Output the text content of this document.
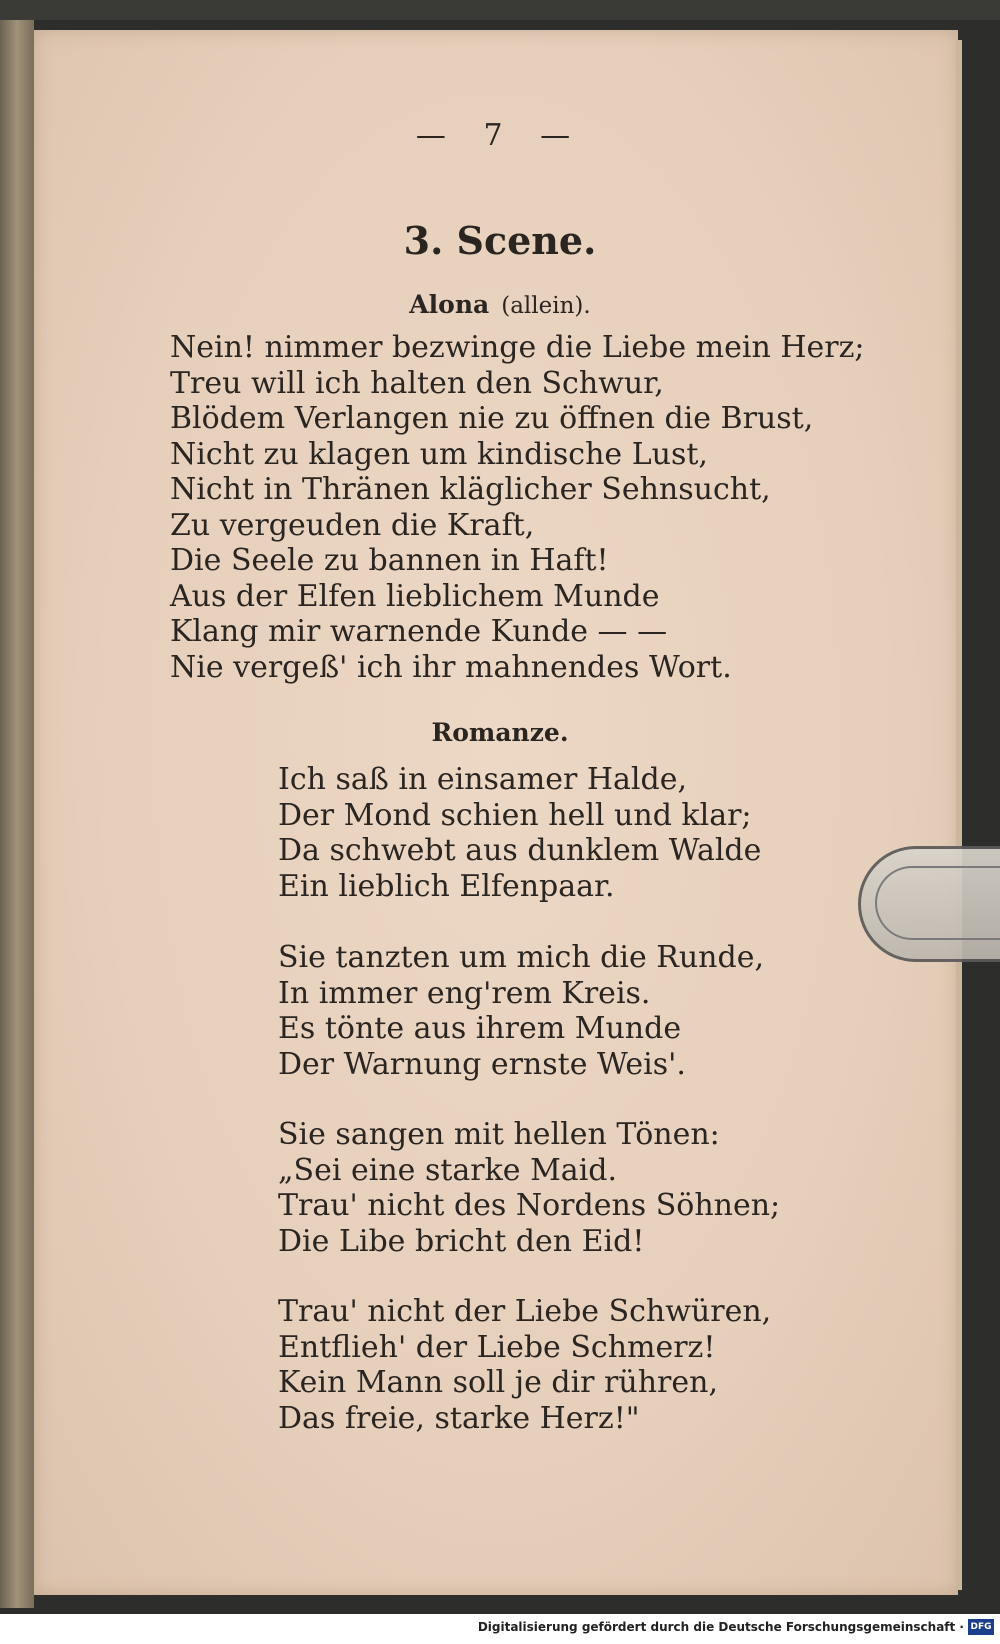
— 7 —
3. Scene.
Alona (allein).
Nein! nimmer bezwinge die Liebe mein Herz;
Treu will ich halten den Schwur,
Blödem Verlangen nie zu öffnen die Brust,
Nicht zu klagen um kindische Lust,
Nicht in Thränen kläglicher Sehnsucht,
Zu vergeuden die Kraft,
Die Seele zu bannen in Haft!
Aus der Elfen lieblichem Munde
Klang mir warnende Kunde — —
Nie vergeß' ich ihr mahnendes Wort.
Romanze.
Ich saß in einsamer Halde,
Der Mond schien hell und klar;
Da schwebt aus dunklem Walde
Ein lieblich Elfenpaar.
Sie tanzten um mich die Runde,
In immer eng'rem Kreis.
Es tönte aus ihrem Munde
Der Warnung ernste Weis'.
Sie sangen mit hellen Tönen:
„Sei eine starke Maid.
Trau' nicht des Nordens Söhnen;
Die Libe bricht den Eid!
Trau' nicht der Liebe Schwüren,
Entflieh' der Liebe Schmerz!
Kein Mann soll je dir rühren,
Das freie, starke Herz!"
Digitalisierung gefördert durch die Deutsche Forschungsgemeinschaft · DFG
